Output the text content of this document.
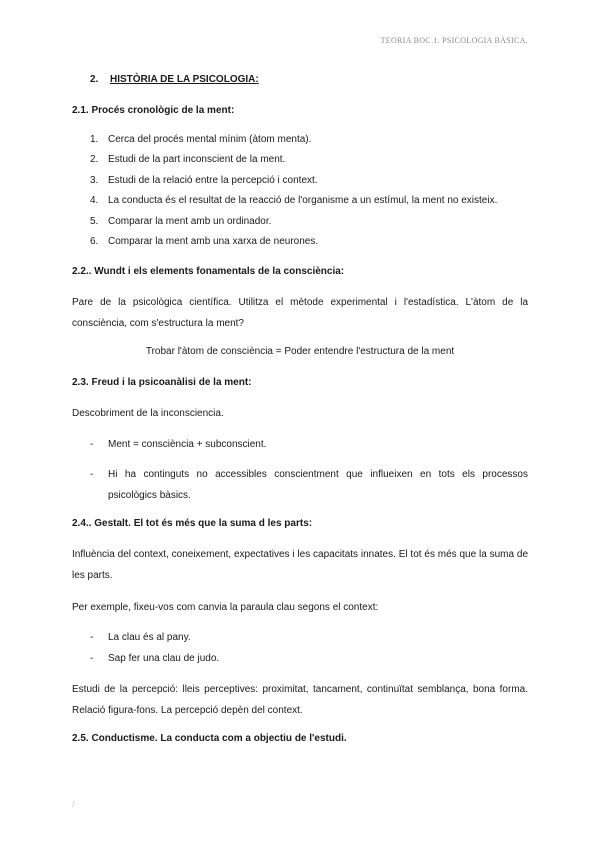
TEORIA BOC 1. PSICOLOGIA BÀSICA.
2. HISTÒRIA DE LA PSICOLOGIA:
2.1. Procés cronològic de la ment:
1. Cerca del procés mental mínim (àtom menta).
2. Estudi de la part inconscient de la ment.
3. Estudi de la relació entre la percepció i context.
4. La conducta és el resultat de la reacció de l'organisme a un estímul, la ment no existeix.
5. Comparar la ment amb un ordinador.
6. Comparar la ment amb una xarxa de neurones.
2.2.. Wundt i els elements fonamentals de la consciència:
Pare de la psicològica científica. Utilitza el mètode experimental i l'estadística. L'àtom de la consciència, com s'estructura la ment?
Trobar l'àtom de consciència = Poder entendre l'estructura de la ment
2.3. Freud i la psicoanàlisi de la ment:
Descobriment de la inconsciencia.
- Ment = consciència + subconscient.
- Hi ha continguts no accessibles conscientment que influeixen en tots els processos psicològics bàsics.
2.4.. Gestalt. El tot és més que la suma d les parts:
Influència del context, coneixement, expectatives i les capacitats innates. El tot és més que la suma de les parts.
Per exemple, fixeu-vos com canvia la paraula clau segons el context:
- La clau és al pany.
- Sap fer una clau de judo.
Estudi de la percepció: lleis perceptives: proximitat, tancament, continuïtat semblança, bona forma. Relació figura-fons. La percepció depèn del context.
2.5. Conductisme. La conducta com a objectiu de l'estudi.
/
